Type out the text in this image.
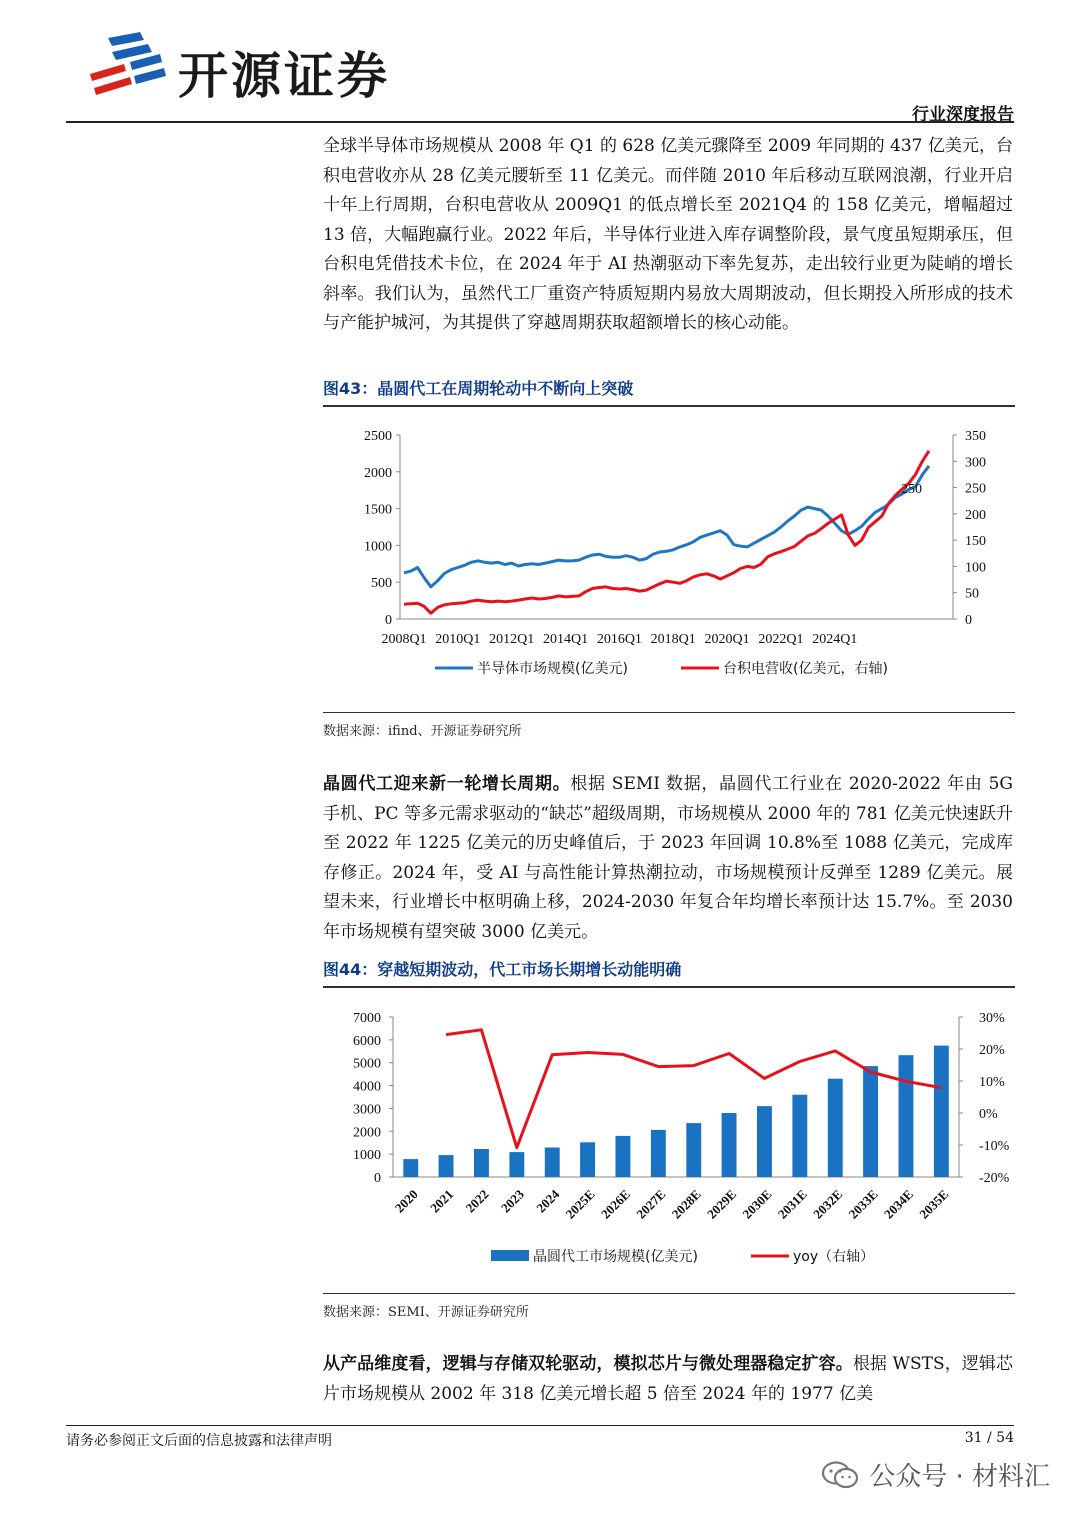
开源证券
行业深度报告
全球半导体市场规模从 2008 年 Q1 的 628 亿美元骤降至 2009 年同期的 437 亿美元，台积电营收亦从 28 亿美元腰斩至 11 亿美元。而伴随 2010 年后移动互联网浪潮，行业开启十年上行周期，台积电营收从 2009Q1 的低点增长至 2021Q4 的 158 亿美元，增幅超过 13 倍，大幅跑赢行业。2022 年后，半导体行业进入库存调整阶段，景气度虽短期承压，但台积电凭借技术卡位，在 2024 年于 AI 热潮驱动下率先复苏，走出较行业更为陡峭的增长斜率。我们认为，虽然代工厂重资产特质短期内易放大周期波动，但长期投入所形成的技术与产能护城河，为其提供了穿越周期获取超额增长的核心动能。
图43：晶圆代工在周期轮动中不断向上突破
2500
2000
1500
1000
500
0
350
300
250
200
150
100
50
0
2008Q1 2010Q1 2012Q1 2014Q1 2016Q1 2018Q1 2020Q1 2022Q1 2024Q1
250
半导体市场规模(亿美元)	台积电营收(亿美元，右轴)
数据来源：ifind、开源证券研究所
晶圆代工迎来新一轮增长周期。根据 SEMI 数据，晶圆代工行业在 2020-2022 年由 5G 手机、PC 等多元需求驱动的“缺芯”超级周期，市场规模从 2000 年的 781 亿美元快速跃升至 2022 年 1225 亿美元的历史峰值后，于 2023 年回调 10.8%至 1088 亿美元，完成库存修正。2024 年，受 AI 与高性能计算热潮拉动，市场规模预计反弹至 1289 亿美元。展望未来，行业增长中枢明确上移，2024-2030 年复合年均增长率预计达 15.7%。至 2030 年市场规模有望突破 3000 亿美元。
图44：穿越短期波动，代工市场长期增长动能明确
7000
6000
5000
4000
3000
2000
1000
0
30%
20%
10%
0%
-10%
-20%
2020 2021 2022 2023 2024 2025E 2026E 2027E 2028E 2029E 2030E 2031E 2032E 2033E 2034E 2035E
晶圆代工市场规模(亿美元)	yoy（右轴）
数据来源：SEMI、开源证券研究所
从产品维度看，逻辑与存储双轮驱动，模拟芯片与微处理器稳定扩容。根据 WSTS，逻辑芯片市场规模从 2002 年 318 亿美元增长超 5 倍至 2024 年的 1977 亿美
请务必参阅正文后面的信息披露和法律声明	31 / 54
公众号 · 材料汇
